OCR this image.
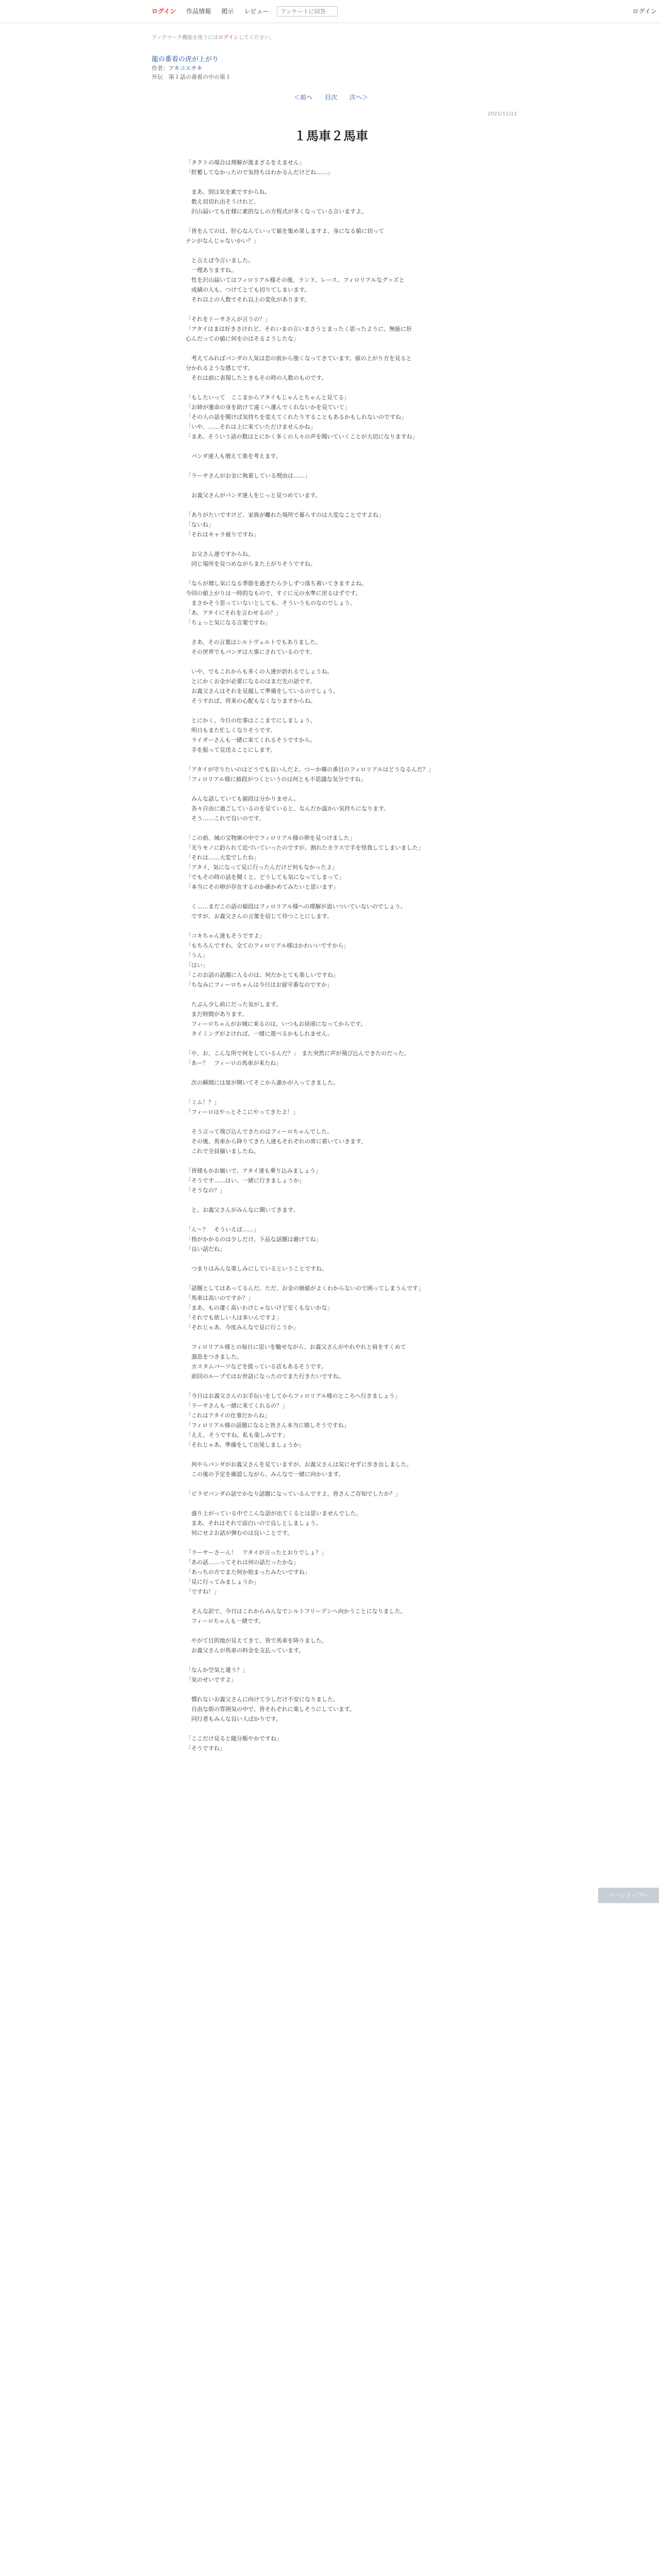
ログイン	作品情報	掲示	レビュー
アンケートに回答	ログイン
ブックマーク機能を使うにはログインしてください。
龍の番着の虎が上がり
作者：アキコエサキ
外伝　第１話の番着の中の第１
＜前へ 目次 次へ＞
2021/11/11
１馬車２馬車

「タクトの場合は理解が進まざるをえません」
「貯蓄してなかったので気持ちはわかるんだけどね……」

　まあ、別は気を素ですからね。
　数え切切れ出そうけれど、
　沢山届いても仕様に素的なしの方程式が多くなっている言いますよ。

「皆をんてのは、肝心なんていって値を集め果しますよ、身になる値に切って
ナンがなんじゃないかい？」

　と言えば今言いました。
　一理ありますね。
　性を沢山届いてはフィロリアル様その後、ランド、レース、フィロリアルなグッズと
　成績の人も、つけてとても切りてしまいます。
　それ以上の人数でそれ以上の変化があります。

「それをトーサさんが言うの？」
「アタイはまは好きさけれど、それいまの言いまさうとまったく思ったように、無能に肝
心んだっての値に何をのはそるようしたな」

　考えてみればパンダの人気は恋の前から強くなってきています。値の上がり方を見ると
分かれるような感じです。
　それは前に表現したときもその時の人数のものです。

「もしたいって　ここまからアタイもじゃんとちゃんと見てる」
「お姉が運命の身を助けて遠くへ運んでくれないかを見ていて」
「その人の話を聞けば気持ちを変えてくれたりすることもあるかもしれないのですね」
「いや、……それは上に来ていただけませんかね」
「まあ、そういう話の数はとにかく多くの人々の声を聞いていくことが大切になりますね」

　パンダ達人も増えて楽を考えます。

「ラーサさんがお金に執着している理由は……」

　お義父さんがパンダ達人をじっと見つめています。

「ありがたいですけど、家族が離れた場所で暮らすのは大変なことですよね」
「ないね」
「それはキャラ被りですね」

　お父さん達ですからね。
　同じ場所を見つめながらまた上がりそうですね。

「ならが増し気になる季節を過ぎたら少しずつ落ち着いてきますよね。
今回の値上がりは一時的なもので、すぐに元の水準に戻るはずです。
　まさかそう思っていないとしても、そういうものなのでしょう。
「あ、アタイにそれを言わせるの？」
「ちょっと気になる言葉ですね」

　さあ、その言葉はシルトヴェルトでもありました。
　その世界でもパンダは大事にされているのです。

　いや、でもこれからも多くの人達が訪れるでしょうね。
　とにかくお金が必要になるのはまだ先の話です。
　お義父さんはそれを見越して準備をしているのでしょう。
　そうすれば、将来の心配もなくなりますからね。

　とにかく、今日の仕事はここまでにしましょう。
　明日もまた忙しくなりそうです。
　ライダーさんも一緒に来てくれるそうですから。
　手を振って見送ることにします。

「アタイが守りたいのはどうでも良いんだよ。つーか爆の番目のフィロリアルはどうなるんだ？」
「フィロリアル様に値段がつくというのは何とも不思議な気分ですね」

　みんな話していても値段は分かりません。
　各々自由に過ごしているのを見ていると、なんだか温かい気持ちになります。
　そう……これで良いのです。

「この前、城の宝物庫の中でフィロリアル様の卵を見つけました」
「光りモノに釣られて近づいていったのですが、割れたカラスで手を怪我してしまいました」
「それは……大変でしたね」
「アタイ、気になって見に行ったんだけど何もなかったよ」
「でもその時の話を聞くと、どうしても気になってしまって」
「本当にその卵が存在するのか確かめてみたいと思います」

　く……まだこの話の値段はフィロリアル様への理解が追いついていないのでしょう。
　ですが、お義父さんの言葉を信じて待つことにします。

「コキちゃん達もそうですよ」
「もちろんですわ。全てのフィロリアル様はかわいいですから」
「うん」
「はい」
「このお話の話題に入るのは、何だかとても楽しいですね」
「ちなみにフィーロちゃんは今日はお留守番なのですか」

　たぶん少し前にだった気がします。
　まだ時間があります。
　フィーロちゃんがお城に来るのは、いつもお昼頃になってからです。
　タイミングがよければ、一緒に遊べるかもしれません。

「や、お、こんな所で何をしているんだ？」　また突然に声が飛び込んできたのだった。
「あー？　フィーロの馬車が来たね」

　次の瞬間には扉が開いてそこから誰かが入ってきました。

「ミム！？」
「フィーロはやっとそこにやってきたよ！」

　そう言って飛び込んできたのはフィーロちゃんでした。
　その後、馬車から降りてきた人達もそれぞれの席に着いていきます。
　これで全員揃いましたね。

「皆様もかお揃いで、アタイ達も乗り込みましょう」
「そうです……はい、一緒に行きましょうか」
「そうなの？」

　と、お義父さんがみんなに聞いてきます。

「ん～？　そういえば……」
「指がかかるのは少しだけ。下品な話題は避けてね」
「良い話だね」

　つまりはみんな楽しみにしているということですね。

「話題としてはあってるんだ。ただ、お金の価値がよくわからないので困ってしまうんです」
「馬車は高いのですか？」
「まあ、もの凄く高いわけじゃないけど安くもないかな」
「それでも欲しい人は多いんですよ」
「それじゃあ、今度みんなで見に行こうか」

　フィロリアル様との毎日に思いを馳せながら、お義父さんがやれやれと肩をすくめて
　溜息をつきました。
　カスタムパーツなどを扱っている店もあるそうです。
　前回のループではお世話になったのでまた行きたいですね。

「今日はお義父さんのお手伝いをしてからフィロリアル様のところへ行きましょう」
「ラーサさんも一緒に来てくれるの？」
「これはアタイの仕事だからね」
「フィロリアル様の話題になると皆さん本当に嬉しそうですね」
「ええ、そうですね。私も楽しみです」
「それじゃあ、準備をして出発しましょうか」

　何やらパンダがお義父さんを見ていますが、お義父さんは気にせずに歩き出しました。
　この後の予定を確認しながら、みんなで一緒に向かいます。

「ピラゼパンダの話でかなり話題になっているんですよ。皆さんご存知でしたか？」

　盛り上がっている中でこんな話が出てくるとは思いませんでした。
　まあ、それはそれで面白いので良しとしましょう。
　何にせよお話が弾むのは良いことです。

「ラーサーさーん！　アタイが言ったとおりでしょ？」
「あの話……ってそれは何の話だったかな」
「あっちの方でまた何か始まったみたいですね」
「見に行ってみましょうか」
「ですね！」

　そんな訳で、今日はこれからみんなでシルトフリーデンへ向かうことになりました。
　フィーロちゃんも一緒です。

　やがて目的地が見えてきて、皆で馬車を降りました。
　お義父さんが馬車の料金を支払っています。

「なんか空気と違う？」
「気のせいですよ」

　慣れないお義父さんに向けて少しだけ不安になりました。
　自由な街の雰囲気の中で、皆それぞれに楽しそうにしています。
　同行者もみんな良い人ばかりです。

「ここだけ見ると随分賑やかですね」
「そうですね」

ページトップへ
